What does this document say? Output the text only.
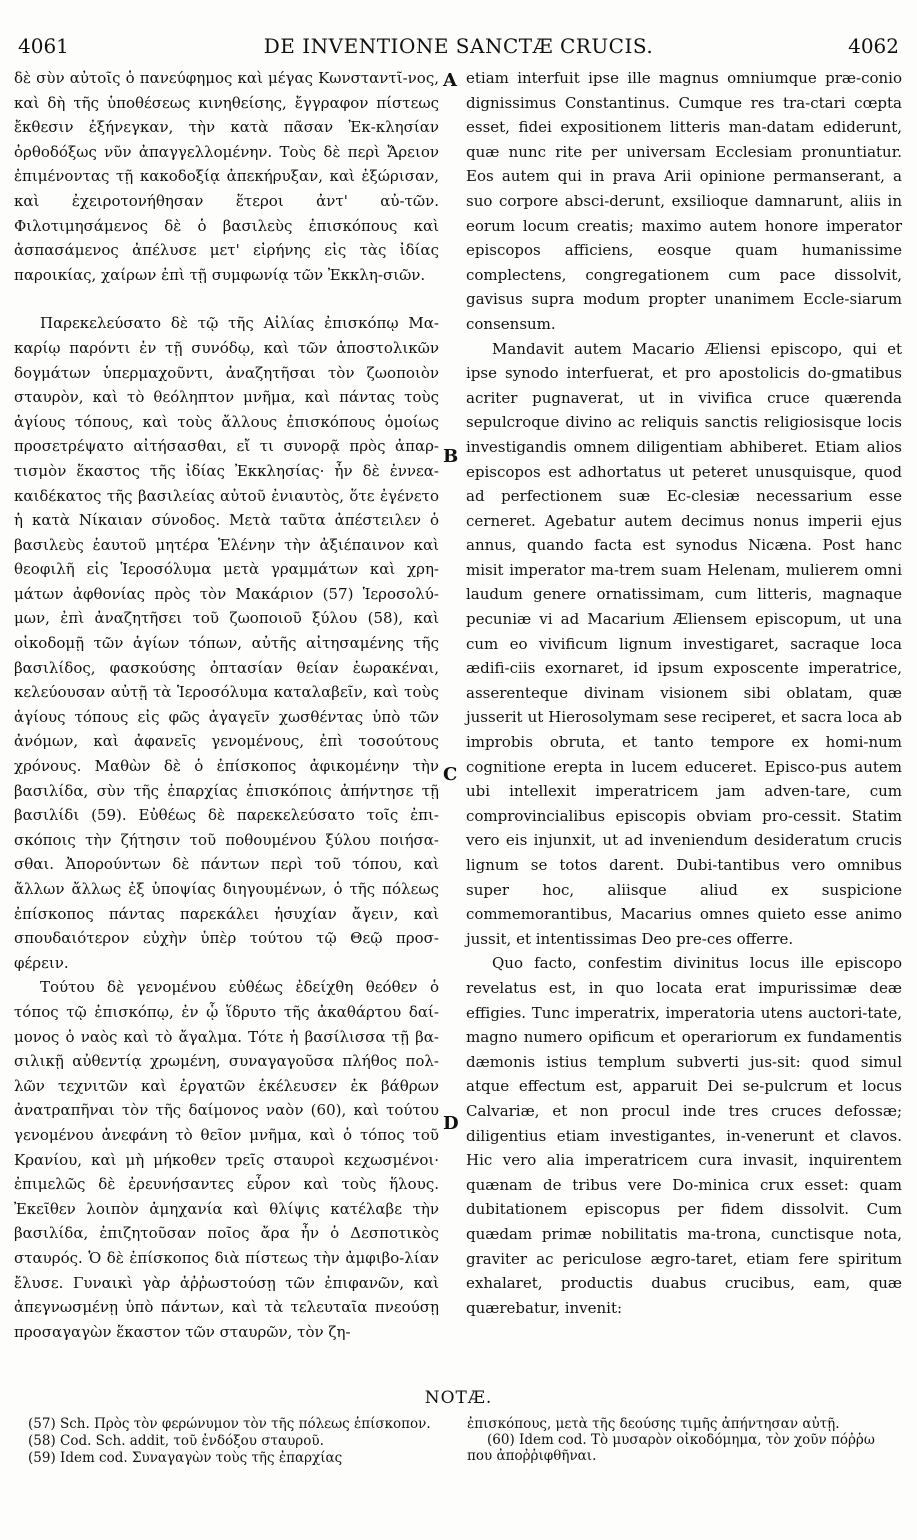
4061	DE INVENTIONE SANCTÆ CRUCIS.	4062

δὲ σὺν αὐτοῖς ὁ πανεύφημος καὶ μέγας Κωνσταντῖ-νος, καὶ δὴ τῆς ὑποθέσεως κινηθείσης, ἔγγραφον πίστεως ἔκθεσιν ἐξήνεγκαν, τὴν κατὰ πᾶσαν Ἐκ-κλησίαν ὀρθοδόξως νῦν ἀπαγγελλομένην. Τοὺς δὲ περὶ Ἄρειον ἐπιμένοντας τῇ κακοδοξίᾳ ἀπεκήρυξαν, καὶ ἐξώρισαν, καὶ ἐχειροτονήθησαν ἕτεροι ἀντ' αὐ-τῶν. Φιλοτιμησάμενος δὲ ὁ βασιλεὺς ἐπισκόπους καὶ ἀσπασάμενος ἀπέλυσε μετ' εἰρήνης εἰς τὰς ἰδίας παροικίας, χαίρων ἐπὶ τῇ συμφωνίᾳ τῶν Ἐκκλη-σιῶν.

Παρεκελεύσατο δὲ τῷ τῆς Αἰλίας ἐπισκόπῳ Μα-καρίῳ παρόντι ἐν τῇ συνόδῳ, καὶ τῶν ἀποστολικῶν δογμάτων ὑπερμαχοῦντι, ἀναζητῆσαι τὸν ζωοποιὸν σταυρὸν, καὶ τὸ θεόληπτον μνῆμα, καὶ πάντας τοὺς ἁγίους τόπους, καὶ τοὺς ἄλλους ἐπισκόπους ὁμοίως προσετρέψατο αἰτήσασθαι, εἴ τι συνορᾷ πρὸς ἀπαρ-τισμὸν ἕκαστος τῆς ἰδίας Ἐκκλησίας· ἦν δὲ ἐννεα-καιδέκατος τῆς βασιλείας αὐτοῦ ἐνιαυτὸς, ὅτε ἐγένετο ἡ κατὰ Νίκαιαν σύνοδος. Μετὰ ταῦτα ἀπέστειλεν ὁ βασιλεὺς ἑαυτοῦ μητέρα Ἑλένην τὴν ἀξιέπαινον καὶ θεοφιλῆ εἰς Ἱεροσόλυμα μετὰ γραμμάτων καὶ χρη-μάτων ἀφθονίας πρὸς τὸν Μακάριον (57) Ἱεροσολύ-μων, ἐπὶ ἀναζητῆσει τοῦ ζωοποιοῦ ξύλου (58), καὶ οἰκοδομῇ τῶν ἁγίων τόπων, αὐτῆς αἰτησαμένης τῆς βασιλίδος, φασκούσης ὀπτασίαν θείαν ἑωρακέναι, κελεύουσαν αὐτῇ τὰ Ἱεροσόλυμα καταλαβεῖν, καὶ τοὺς ἁγίους τόπους εἰς φῶς ἀγαγεῖν χωσθέντας ὑπὸ τῶν ἀνόμων, καὶ ἀφανεῖς γενομένους, ἐπὶ τοσούτους χρόνους. Μαθὼν δὲ ὁ ἐπίσκοπος ἀφικομένην τὴν βασιλίδα, σὺν τῆς ἐπαρχίας ἐπισκόποις ἀπήντησε τῇ βασιλίδι (59). Εὐθέως δὲ παρεκελεύσατο τοῖς ἐπι-σκόποις τὴν ζήτησιν τοῦ ποθουμένου ξύλου ποιήσα-σθαι. Ἀπορούντων δὲ πάντων περὶ τοῦ τόπου, καὶ ἄλλων ἄλλως ἐξ ὑποψίας διηγουμένων, ὁ τῆς πόλεως ἐπίσκοπος πάντας παρεκάλει ἡσυχίαν ἄγειν, καὶ σπουδαιότερον εὐχὴν ὑπὲρ τούτου τῷ Θεῷ προσ-φέρειν.

Τούτου δὲ γενομένου εὐθέως ἐδείχθη θεόθεν ὁ τόπος τῷ ἐπισκόπῳ, ἐν ᾧ ἵδρυτο τῆς ἀκαθάρτου δαί-μονος ὁ ναὸς καὶ τὸ ἄγαλμα. Τότε ἡ βασίλισσα τῇ βα-σιλικῇ αὐθεντίᾳ χρωμένη, συναγαγοῦσα πλήθος πολ-λῶν τεχνιτῶν καὶ ἐργατῶν ἐκέλευσεν ἐκ βάθρων ἀνατραπῆναι τὸν τῆς δαίμονος ναὸν (60), καὶ τούτου γενομένου ἀνεφάνη τὸ θεῖον μνῆμα, καὶ ὁ τόπος τοῦ Κρανίου, καὶ μὴ μήκοθεν τρεῖς σταυροὶ κεχωσμένοι· ἐπιμελῶς δὲ ἐρευνήσαντες εὗρον καὶ τοὺς ἥλους. Ἐκεῖθεν λοιπὸν ἀμηχανία καὶ θλίψις κατέλαβε τὴν βασιλίδα, ἐπιζητοῦσαν ποῖος ἄρα ἦν ὁ Δεσποτικὸς σταυρός. Ὁ δὲ ἐπίσκοπος διὰ πίστεως τὴν ἀμφιβο-λίαν ἔλυσε. Γυναικὶ γὰρ ἀῤῥωστούσῃ τῶν ἐπιφανῶν, καὶ ἀπεγνωσμένῃ ὑπὸ πάντων, καὶ τὰ τελευταῖα πνεούσῃ προσαγαγὼν ἕκαστον τῶν σταυρῶν, τὸν ζη-

A
B
C
D

etiam interfuit ipse ille magnus omniumque præ-conio dignissimus Constantinus. Cumque res tra-ctari cœpta esset, fidei expositionem litteris man-datam ediderunt, quæ nunc rite per universam Ecclesiam pronuntiatur. Eos autem qui in prava Arii opinione permanserant, a suo corpore absci-derunt, exsilioque damnarunt, aliis in eorum locum creatis; maximo autem honore imperator episcopos afficiens, eosque quam humanissime complectens, congregationem cum pace dissolvit, gavisus supra modum propter unanimem Eccle-siarum consensum.

Mandavit autem Macario Æliensi episcopo, qui et ipse synodo interfuerat, et pro apostolicis do-gmatibus acriter pugnaverat, ut in vivifica cruce quærenda sepulcroque divino ac reliquis sanctis religiosisque locis investigandis omnem diligentiam abhiberet. Etiam alios episcopos est adhortatus ut peteret unusquisque, quod ad perfectionem suæ Ec-clesiæ necessarium esse cerneret. Agebatur autem decimus nonus imperii ejus annus, quando facta est synodus Nicæna. Post hanc misit imperator ma-trem suam Helenam, mulierem omni laudum genere ornatissimam, cum litteris, magnaque pecuniæ vi ad Macarium Æliensem episcopum, ut una cum eo vivificum lignum investigaret, sacraque loca ædifi-ciis exornaret, id ipsum exposcente imperatrice, asserenteque divinam visionem sibi oblatam, quæ jusserit ut Hierosolymam sese reciperet, et sacra loca ab improbis obruta, et tanto tempore ex homi-num cognitione erepta in lucem educeret. Episco-pus autem ubi intellexit imperatricem jam adven-tare, cum comprovincialibus episcopis obviam pro-cessit. Statim vero eis injunxit, ut ad inveniendum desideratum crucis lignum se totos darent. Dubi-tantibus vero omnibus super hoc, aliisque aliud ex suspicione commemorantibus, Macarius omnes quieto esse animo jussit, et intentissimas Deo pre-ces offerre.

Quo facto, confestim divinitus locus ille episcopo revelatus est, in quo locata erat impurissimæ deæ effigies. Tunc imperatrix, imperatoria utens auctori-tate, magno numero opificum et operariorum ex fundamentis dæmonis istius templum subverti jus-sit: quod simul atque effectum est, apparuit Dei se-pulcrum et locus Calvariæ, et non procul inde tres cruces defossæ; diligentius etiam investigantes, in-venerunt et clavos. Hic vero alia imperatricem cura invasit, inquirentem quænam de tribus vere Do-minica crux esset: quam dubitationem episcopus per fidem dissolvit. Cum quædam primæ nobilitatis ma-trona, cunctisque nota, graviter ac periculose ægro-taret, etiam fere spiritum exhalaret, productis duabus crucibus, eam, quæ quærebatur, invenit:

NOTÆ.

(57) Sch. Πρὸς τὸν φερώνυμον τὸν τῆς πόλεως ἐπίσκοπον.

(58) Cod. Sch. addit, τοῦ ἐνδόξου σταυροῦ.

(59) Idem cod. Συναγαγὼν τοὺς τῆς ἐπαρχίας

ἐπισκόπους, μετὰ τῆς δεούσης τιμῆς ἀπήντησαν αὐτῇ.

(60) Idem cod. Τὸ μυσαρὸν οἰκοδόμημα, τὸν χοῦν πόῤῥω που ἀποῤῥιφθῆναι.
